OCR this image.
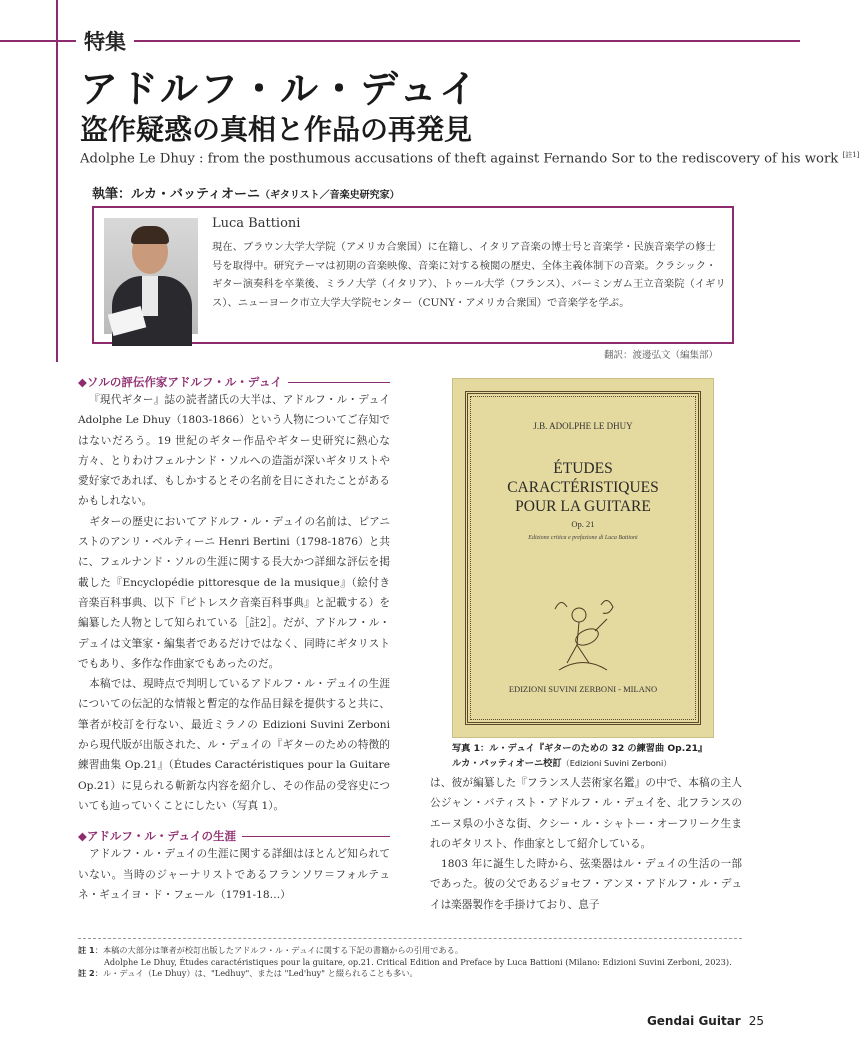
特集
アドルフ・ル・デュイ
盗作疑惑の真相と作品の再発見
Adolphe Le Dhuy : from the posthumous accusations of theft against Fernando Sor to the rediscovery of his work [註1]
執筆：ルカ・バッティオーニ（ギタリスト／音楽史研究家）
Luca Battioni
現在、ブラウン大学大学院（アメリカ合衆国）に在籍し、イタリア音楽の博士号と音楽学・民族音楽学の修士号を取得中。研究テーマは初期の音楽映像、音楽に対する検閲の歴史、全体主義体制下の音楽。クラシック・ギター演奏科を卒業後、ミラノ大学（イタリア）、トゥール大学（フランス）、バーミンガム王立音楽院（イギリス）、ニューヨーク市立大学大学院センター（CUNY・アメリカ合衆国）で音楽学を学ぶ。
翻訳：渡邊弘文（編集部）
◆ソルの評伝作家アドルフ・ル・デュイ

『現代ギター』誌の読者諸氏の大半は、アドルフ・ル・デュイ Adolphe Le Dhuy（1803-1866）という人物についてご存知ではないだろう。19 世紀のギター作品やギター史研究に熱心な方々、とりわけフェルナンド・ソルへの造詣が深いギタリストや愛好家であれば、もしかするとその名前を目にされたことがあるかもしれない。

ギターの歴史においてアドルフ・ル・デュイの名前は、ピアニストのアンリ・ベルティーニ Henri Bertini（1798-1876）と共に、フェルナンド・ソルの生涯に関する長大かつ詳細な評伝を掲載した『Encyclopédie pittoresque de la musique』（絵付き音楽百科事典、以下『ピトレスク音楽百科事典』と記載する）を編纂した人物として知られている［註2］。だが、アドルフ・ル・デュイは文筆家・編集者であるだけではなく、同時にギタリストでもあり、多作な作曲家でもあったのだ。

本稿では、現時点で判明しているアドルフ・ル・デュイの生涯についての伝記的な情報と暫定的な作品目録を提供すると共に、筆者が校訂を行ない、最近ミラノの Edizioni Suvini Zerboni から現代版が出版された、ル・デュイの『ギターのための特徴的練習曲集 Op.21』（Études Caractéristiques pour la Guitare Op.21）に見られる斬新な内容を紹介し、その作品の受容史についても辿っていくことにしたい（写真 1）。

◆アドルフ・ル・デュイの生涯

アドルフ・ル・デュイの生涯に関する詳細はほとんど知られていない。当時のジャーナリストであるフランソワ＝フォルテュネ・ギュイヨ・ド・フェール（1791-18…）

J.B. ADOLPHE LE DHUY
ÉTUDES
CARACTÉRISTIQUES
POUR LA GUITARE
Op. 21
Edizione critica e prefazione di Luca Battioni
EDIZIONI SUVINI ZERBONI - MILANO
写真 1：ル・デュイ『ギターのための 32 の練習曲 Op.21』
ルカ・バッティオーニ校訂（Edizioni Suvini Zerboni）

は、彼が編纂した『フランス人芸術家名鑑』の中で、本稿の主人公ジャン・バティスト・アドルフ・ル・デュイを、北フランスのエーヌ県の小さな街、クシー・ル・シャトー・オーフリーク生まれのギタリスト、作曲家として紹介している。

1803 年に誕生した時から、弦楽器はル・デュイの生活の一部であった。彼の父であるジョセフ・アンヌ・アドルフ・ル・デュイは楽器製作を手掛けており、息子

註 1：本稿の大部分は筆者が校訂出版したアドルフ・ル・デュイに関する下記の書籍からの引用である。
Adolphe Le Dhuy, Études caractéristiques pour la guitare, op.21. Critical Edition and Preface by Luca Battioni (Milano: Edizioni Suvini Zerboni, 2023).
註 2：ル・デュイ（Le Dhuy）は、"Ledhuy"、または "Led'huy" と綴られることも多い。
Gendai Guitar 25
